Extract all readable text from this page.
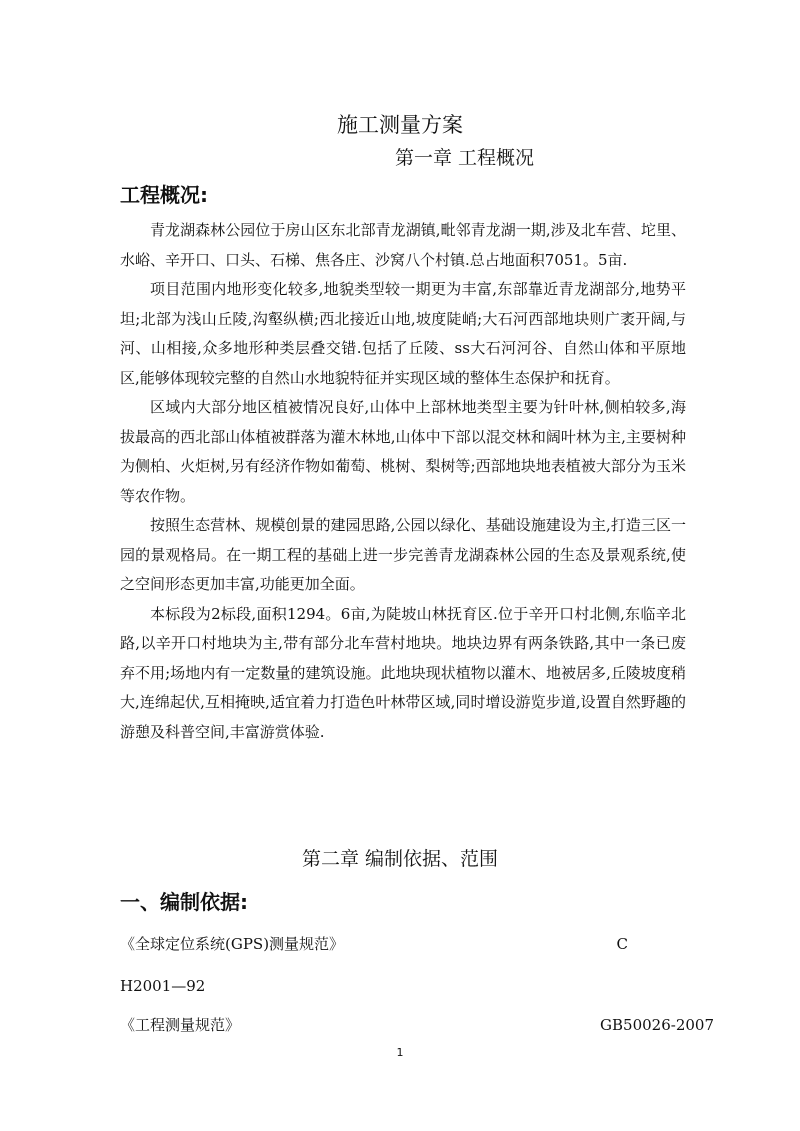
施工测量方案
第一章 工程概况
工程概况:

青龙湖森林公园位于房山区东北部青龙湖镇,毗邻青龙湖一期,涉及北车营、坨里、水峪、辛开口、口头、石梯、焦各庄、沙窝八个村镇.总占地面积7051。5亩.

项目范围内地形变化较多,地貌类型较一期更为丰富,东部靠近青龙湖部分,地势平坦;北部为浅山丘陵,沟壑纵横;西北接近山地,坡度陡峭;大石河西部地块则广袤开阔,与河、山相接,众多地形种类层叠交错.包括了丘陵、ss大石河河谷、自然山体和平原地区,能够体现较完整的自然山水地貌特征并实现区域的整体生态保护和抚育。

区域内大部分地区植被情况良好,山体中上部林地类型主要为针叶林,侧柏较多,海拔最高的西北部山体植被群落为灌木林地,山体中下部以混交林和阔叶林为主,主要树种为侧柏、火炬树,另有经济作物如葡萄、桃树、梨树等;西部地块地表植被大部分为玉米等农作物。

按照生态营林、规模创景的建园思路,公园以绿化、基础设施建设为主,打造三区一园的景观格局。在一期工程的基础上进一步完善青龙湖森林公园的生态及景观系统,使之空间形态更加丰富,功能更加全面。

本标段为2标段,面积1294。6亩,为陡坡山林抚育区.位于辛开口村北侧,东临辛北路,以辛开口村地块为主,带有部分北车营村地块。地块边界有两条铁路,其中一条已废弃不用;场地内有一定数量的建筑设施。此地块现状植物以灌木、地被居多,丘陵坡度稍大,连绵起伏,互相掩映,适宜着力打造色叶林带区域,同时增设游览步道,设置自然野趣的游憩及科普空间,丰富游赏体验.

第二章 编制依据、范围
一、编制依据:
《全球定位系统(GPS)测量规范》	C
H2001—92
《工程测量规范》	GB50026-2007
1
